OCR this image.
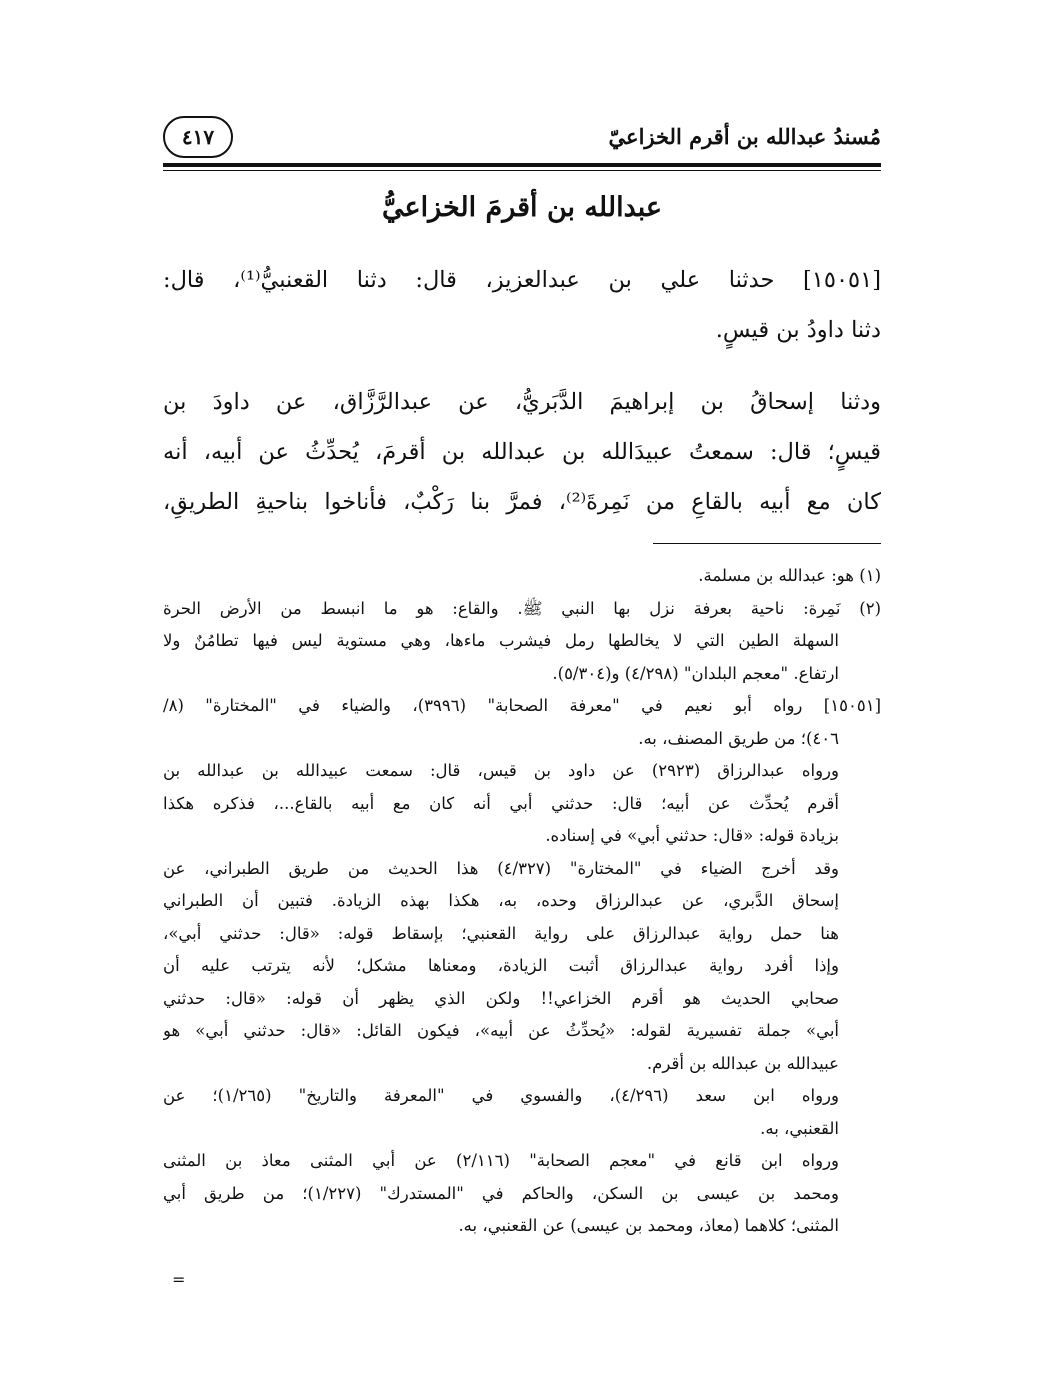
مُسندُ عبدالله بن أقرم الخزاعيّ
٤١٧
عبدالله بن أقرمَ الخزاعيُّ
[١٥٠٥١] حدثنا علي بن عبدالعزيز، قال: دثنا القعنبيُّ⁽¹⁾، قال:
دثنا داودُ بن قيسٍ.
ودثنا إسحاقُ بن إبراهيمَ الدَّبَريُّ، عن عبدالرَّزَّاق، عن داودَ بن
قيسٍ؛ قال: سمعتُ عبيدَالله بن عبدالله بن أقرمَ، يُحدِّثُ عن أبيه، أنه
كان مع أبيه بالقاعِ من نَمِرةَ⁽²⁾، فمرَّ بنا رَكْبٌ، فأناخوا بناحيةِ الطريقِ،
(١) هو: عبدالله بن مسلمة.
(٢) نَمِرة: ناحية بعرفة نزل بها النبي ﷺ. والقاع: هو ما انبسط من الأرض الحرة
السهلة الطين التي لا يخالطها رمل فيشرب ماءها، وهي مستوية ليس فيها تطامُنٌ ولا
ارتفاع. "معجم البلدان" (٤/٢٩٨) و(٥/٣٠٤).
[١٥٠٥١] رواه أبو نعيم في "معرفة الصحابة" (٣٩٩٦)، والضياء في "المختارة" (٨/
٤٠٦)؛ من طريق المصنف، به.
ورواه عبدالرزاق (٢٩٢٣) عن داود بن قيس، قال: سمعت عبيدالله بن عبدالله بن
أقرم يُحدِّث عن أبيه؛ قال: حدثني أبي أنه كان مع أبيه بالقاع...، فذكره هكذا
بزيادة قوله: «قال: حدثني أبي» في إسناده.
وقد أخرج الضياء في "المختارة" (٤/٣٢٧) هذا الحديث من طريق الطبراني، عن
إسحاق الدَّبري، عن عبدالرزاق وحده، به، هكذا بهذه الزيادة. فتبين أن الطبراني
هنا حمل رواية عبدالرزاق على رواية القعنبي؛ بإسقاط قوله: «قال: حدثني أبي»،
وإذا أفرد رواية عبدالرزاق أثبت الزيادة، ومعناها مشكل؛ لأنه يترتب عليه أن
صحابي الحديث هو أقرم الخزاعي!! ولكن الذي يظهر أن قوله: «قال: حدثني
أبي» جملة تفسيرية لقوله: «يُحدِّثُ عن أبيه»، فيكون القائل: «قال: حدثني أبي» هو
عبيدالله بن عبدالله بن أقرم.
ورواه ابن سعد (٤/٢٩٦)، والفسوي في "المعرفة والتاريخ" (١/٢٦٥)؛ عن
القعنبي، به.
ورواه ابن قانع في "معجم الصحابة" (٢/١١٦) عن أبي المثنى معاذ بن المثنى
ومحمد بن عيسى بن السكن، والحاكم في "المستدرك" (١/٢٢٧)؛ من طريق أبي
المثنى؛ كلاهما (معاذ، ومحمد بن عيسى) عن القعنبي، به.
=
